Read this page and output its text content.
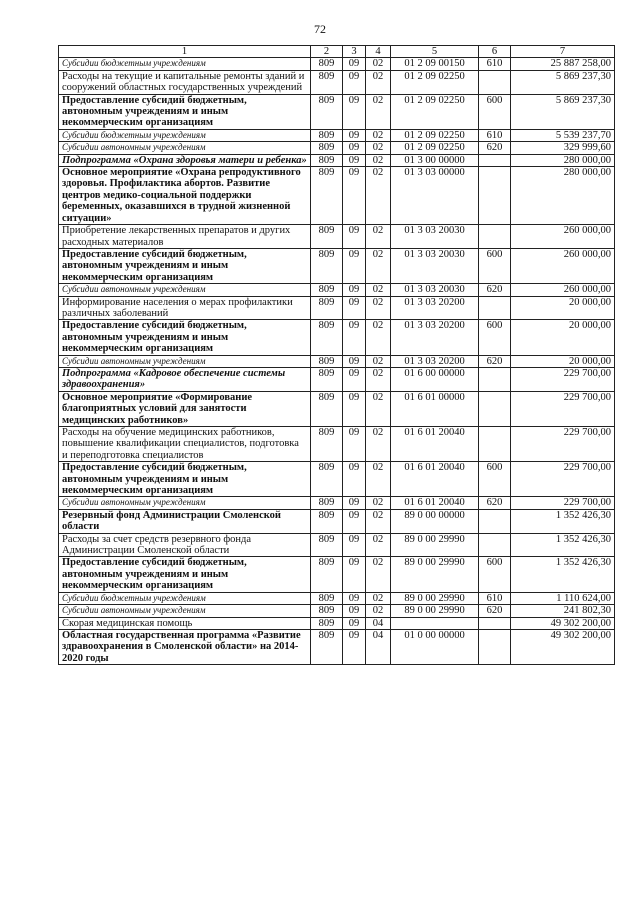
72
1	2	3	4	5	6	7
Субсидии бюджетным учреждениям	809	09	02	01 2 09 00150	610	25 887 258,00
Расходы на текущие и капитальные ремонты зданий и сооружений областных государственных учреждений	809	09	02	01 2 09 02250		5 869 237,30
Предоставление субсидий бюджетным, автономным учреждениям и иным некоммерческим организациям	809	09	02	01 2 09 02250	600	5 869 237,30
Субсидии бюджетным учреждениям	809	09	02	01 2 09 02250	610	5 539 237,70
Субсидии автономным учреждениям	809	09	02	01 2 09 02250	620	329 999,60
Подпрограмма «Охрана здоровья матери и ребенка»	809	09	02	01 3 00 00000		280 000,00
Основное мероприятие «Охрана репродуктивного здоровья. Профилактика абортов. Развитие центров медико-социальной поддержки беременных, оказавшихся в трудной жизненной ситуации»	809	09	02	01 3 03 00000		280 000,00
Приобретение лекарственных препаратов и других расходных материалов	809	09	02	01 3 03 20030		260 000,00
Предоставление субсидий бюджетным, автономным учреждениям и иным некоммерческим организациям	809	09	02	01 3 03 20030	600	260 000,00
Субсидии автономным учреждениям	809	09	02	01 3 03 20030	620	260 000,00
Информирование населения о мерах профилактики различных заболеваний	809	09	02	01 3 03 20200		20 000,00
Предоставление субсидий бюджетным, автономным учреждениям и иным некоммерческим организациям	809	09	02	01 3 03 20200	600	20 000,00
Субсидии автономным учреждениям	809	09	02	01 3 03 20200	620	20 000,00
Подпрограмма «Кадровое обеспечение системы здравоохранения»	809	09	02	01 6 00 00000		229 700,00
Основное мероприятие «Формирование благоприятных условий для занятости медицинских работников»	809	09	02	01 6 01 00000		229 700,00
Расходы на обучение медицинских работников, повышение квалификации специалистов, подготовка и переподготовка специалистов	809	09	02	01 6 01 20040		229 700,00
Предоставление субсидий бюджетным, автономным учреждениям и иным некоммерческим организациям	809	09	02	01 6 01 20040	600	229 700,00
Субсидии автономным учреждениям	809	09	02	01 6 01 20040	620	229 700,00
Резервный фонд Администрации Смоленской области	809	09	02	89 0 00 00000		1 352 426,30
Расходы за счет средств резервного фонда Администрации Смоленской области	809	09	02	89 0 00 29990		1 352 426,30
Предоставление субсидий бюджетным, автономным учреждениям и иным некоммерческим организациям	809	09	02	89 0 00 29990	600	1 352 426,30
Субсидии бюджетным учреждениям	809	09	02	89 0 00 29990	610	1 110 624,00
Субсидии автономным учреждениям	809	09	02	89 0 00 29990	620	241 802,30
Скорая медицинская помощь	809	09	04			49 302 200,00
Областная государственная программа «Развитие здравоохранения в Смоленской области» на 2014-2020 годы	809	09	04	01 0 00 00000		49 302 200,00
